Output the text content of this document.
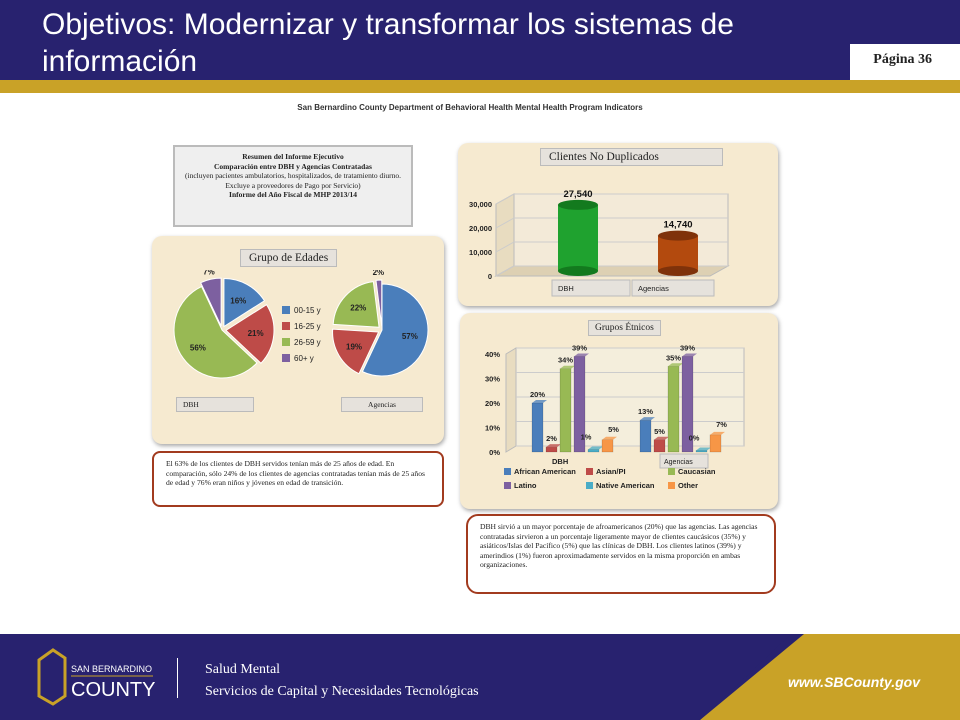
Objetivos: Modernizar y transformar los sistemas de información	Página 36
San Bernardino County Department of Behavioral Health Mental Health Program Indicators
Resumen del Informe Ejecutivo
Comparación entre DBH y Agencias Contratadas
(incluyen pacientes ambulatorios, hospitalizados, de tratamiento diurno. Excluye a proveedores de Pago por Servicio)
Informe del Año Fiscal de MHP 2013/14
Grupo de Edades
16%
21%
56%
7%
57%
19%
22%
2%
00-15 y
16-25 y
26-59 y
60+ y
DBH	Agencias
El 63% de los clientes de DBH servidos tenían más de 25 años de edad. En comparación, sólo 24% de los clientes de agencias contratadas tenían más de 25 años de edad y 76% eran niños y jóvenes en edad de transición.
Clientes No Duplicados
0
10,000
20,000
30,000
27,540
14,740
DBH	Agencias
Grupos Étnicos
0%
10%
20%
30%
40%
20%
2%
34%
39%
1%
5%
13%
5%
35%
39%
0%
7%
DBH	Agencias
African American	Asian/PI	Caucasian
Latino	Native American	Other
DBH sirvió a un mayor porcentaje de afroamericanos (20%) que las agencias. Las agencias contratadas sirvieron a un porcentaje ligeramente mayor de clientes caucásicos (35%) y asiáticos/Islas del Pacífico (5%) que las clínicas de DBH. Los clientes latinos (39%) y amerindios (1%) fueron aproximadamente servidos en la misma proporción en ambas organizaciones.
SAN BERNARDINO
COUNTY
Salud Mental
Servicios de Capital y Necesidades Tecnológicas
www.SBCounty.gov
